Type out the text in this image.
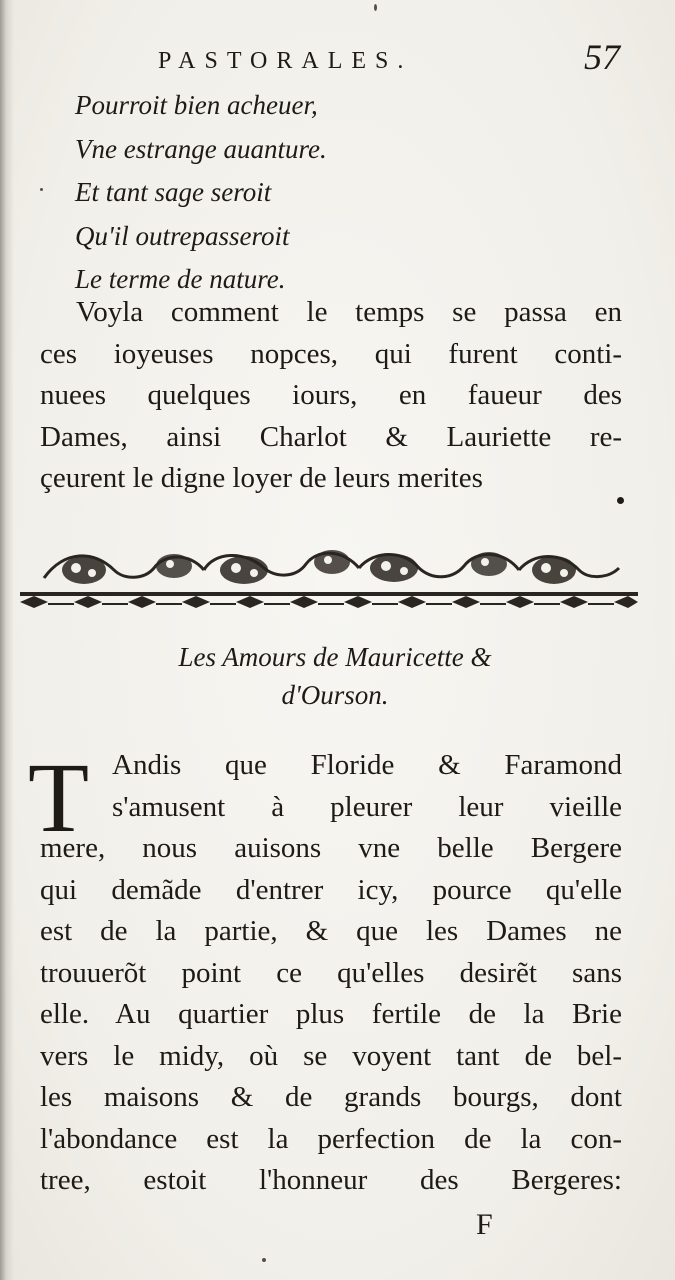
PASTORALES.	57
Pourroit bien acheuer,
Vne estrange auanture.
Et tant sage seroit
Qu'il outrepasseroit
Le terme de nature.
Voyla comment le temps se passa en
ces ioyeuses nopces, qui furent conti-
nuees quelques iours, en faueur des
Dames, ainsi Charlot & Lauriette re-
çeurent le digne loyer de leurs merites
Les Amours de Mauricette &
d'Ourson.
T Andis que Floride & Faramond
s'amusent à pleurer leur vieille
mere, nous auisons vne belle Bergere
qui demãde d'entrer icy, pource qu'elle
est de la partie, & que les Dames ne
trouuerõt point ce qu'elles desirẽt sans
elle. Au quartier plus fertile de la Brie
vers le midy, où se voyent tant de bel-
les maisons & de grands bourgs, dont
l'abondance est la perfection de la con-
tree, estoit l'honneur des Bergeres:
F
